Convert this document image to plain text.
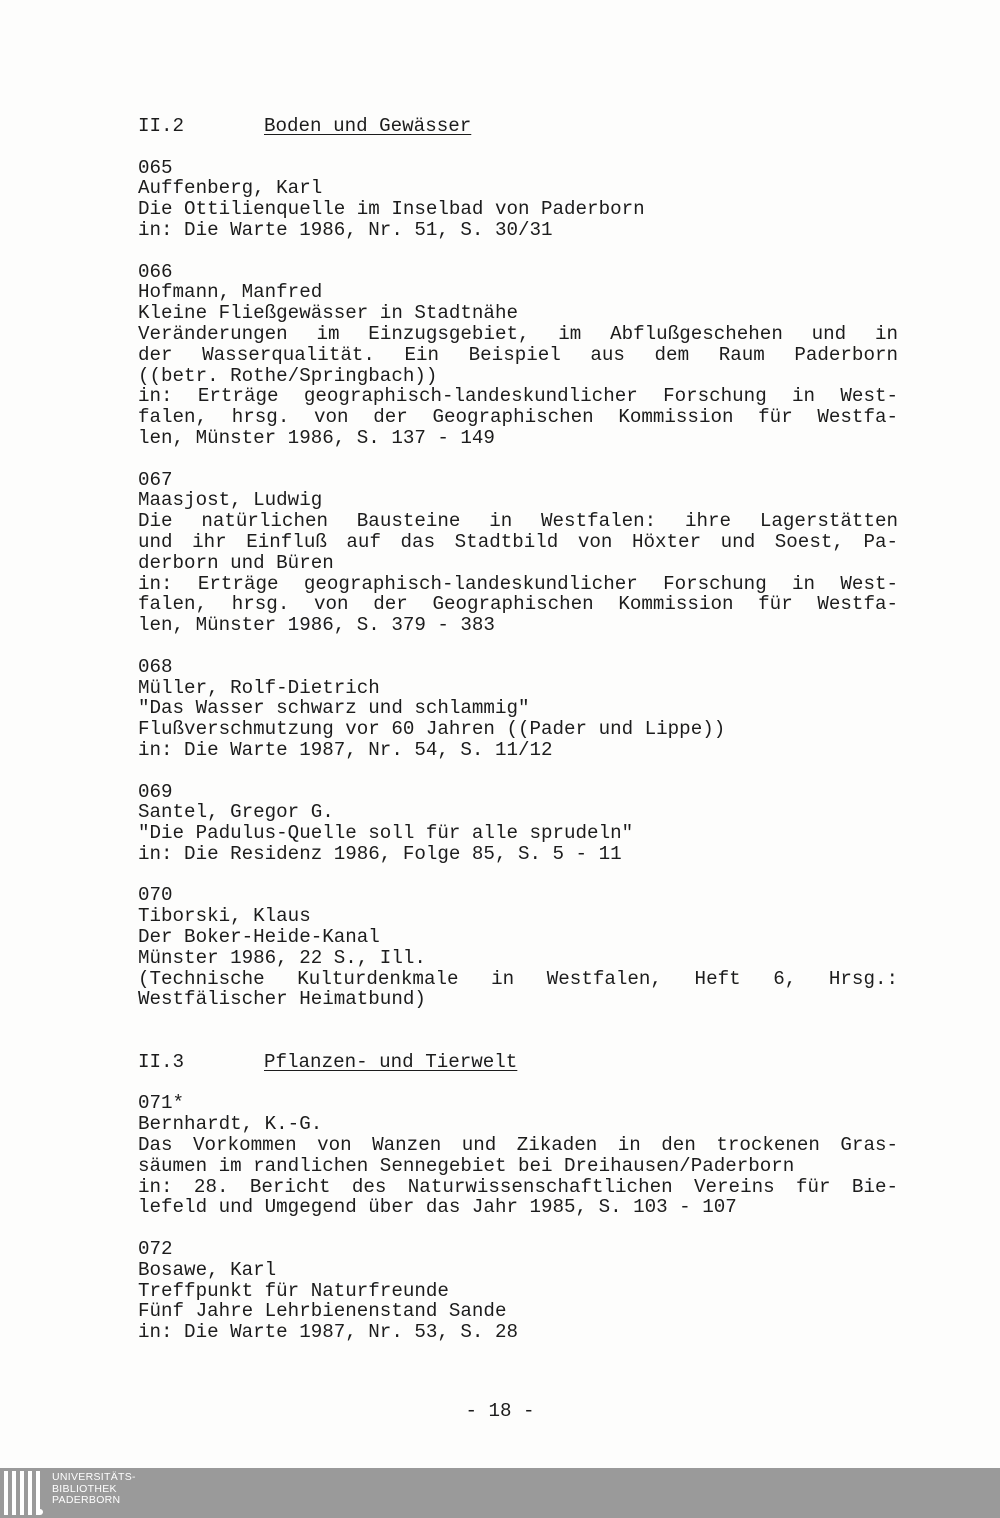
II.2	Boden und Gewässer
065
Auffenberg, Karl
Die Ottilienquelle im Inselbad von Paderborn
in: Die Warte 1986, Nr. 51, S. 30/31
066
Hofmann, Manfred
Kleine Fließgewässer in Stadtnähe
Veränderungen im Einzugsgebiet, im Abflußgeschehen und in
der Wasserqualität. Ein Beispiel aus dem Raum Paderborn
((betr. Rothe/Springbach))
in: Erträge geographisch-landeskundlicher Forschung in West-
falen, hrsg. von der Geographischen Kommission für Westfa-
len, Münster 1986, S. 137 - 149
067
Maasjost, Ludwig
Die natürlichen Bausteine in Westfalen: ihre Lagerstätten
und ihr Einfluß auf das Stadtbild von Höxter und Soest, Pa-
derborn und Büren
in: Erträge geographisch-landeskundlicher Forschung in West-
falen, hrsg. von der Geographischen Kommission für Westfa-
len, Münster 1986, S. 379 - 383
068
Müller, Rolf-Dietrich
"Das Wasser schwarz und schlammig"
Flußverschmutzung vor 60 Jahren ((Pader und Lippe))
in: Die Warte 1987, Nr. 54, S. 11/12
069
Santel, Gregor G.
"Die Padulus-Quelle soll für alle sprudeln"
in: Die Residenz 1986, Folge 85, S. 5 - 11
070
Tiborski, Klaus
Der Boker-Heide-Kanal
Münster 1986, 22 S., Ill.
(Technische Kulturdenkmale in Westfalen, Heft 6, Hrsg.:
Westfälischer Heimatbund)
II.3	Pflanzen- und Tierwelt
071*
Bernhardt, K.-G.
Das Vorkommen von Wanzen und Zikaden in den trockenen Gras-
säumen im randlichen Sennegebiet bei Dreihausen/Paderborn
in: 28. Bericht des Naturwissenschaftlichen Vereins für Bie-
lefeld und Umgegend über das Jahr 1985, S. 103 - 107
072
Bosawe, Karl
Treffpunkt für Naturfreunde
Fünf Jahre Lehrbienenstand Sande
in: Die Warte 1987, Nr. 53, S. 28
- 18 -
UNIVERSITÄTS-
BIBLIOTHEK
PADERBORN
